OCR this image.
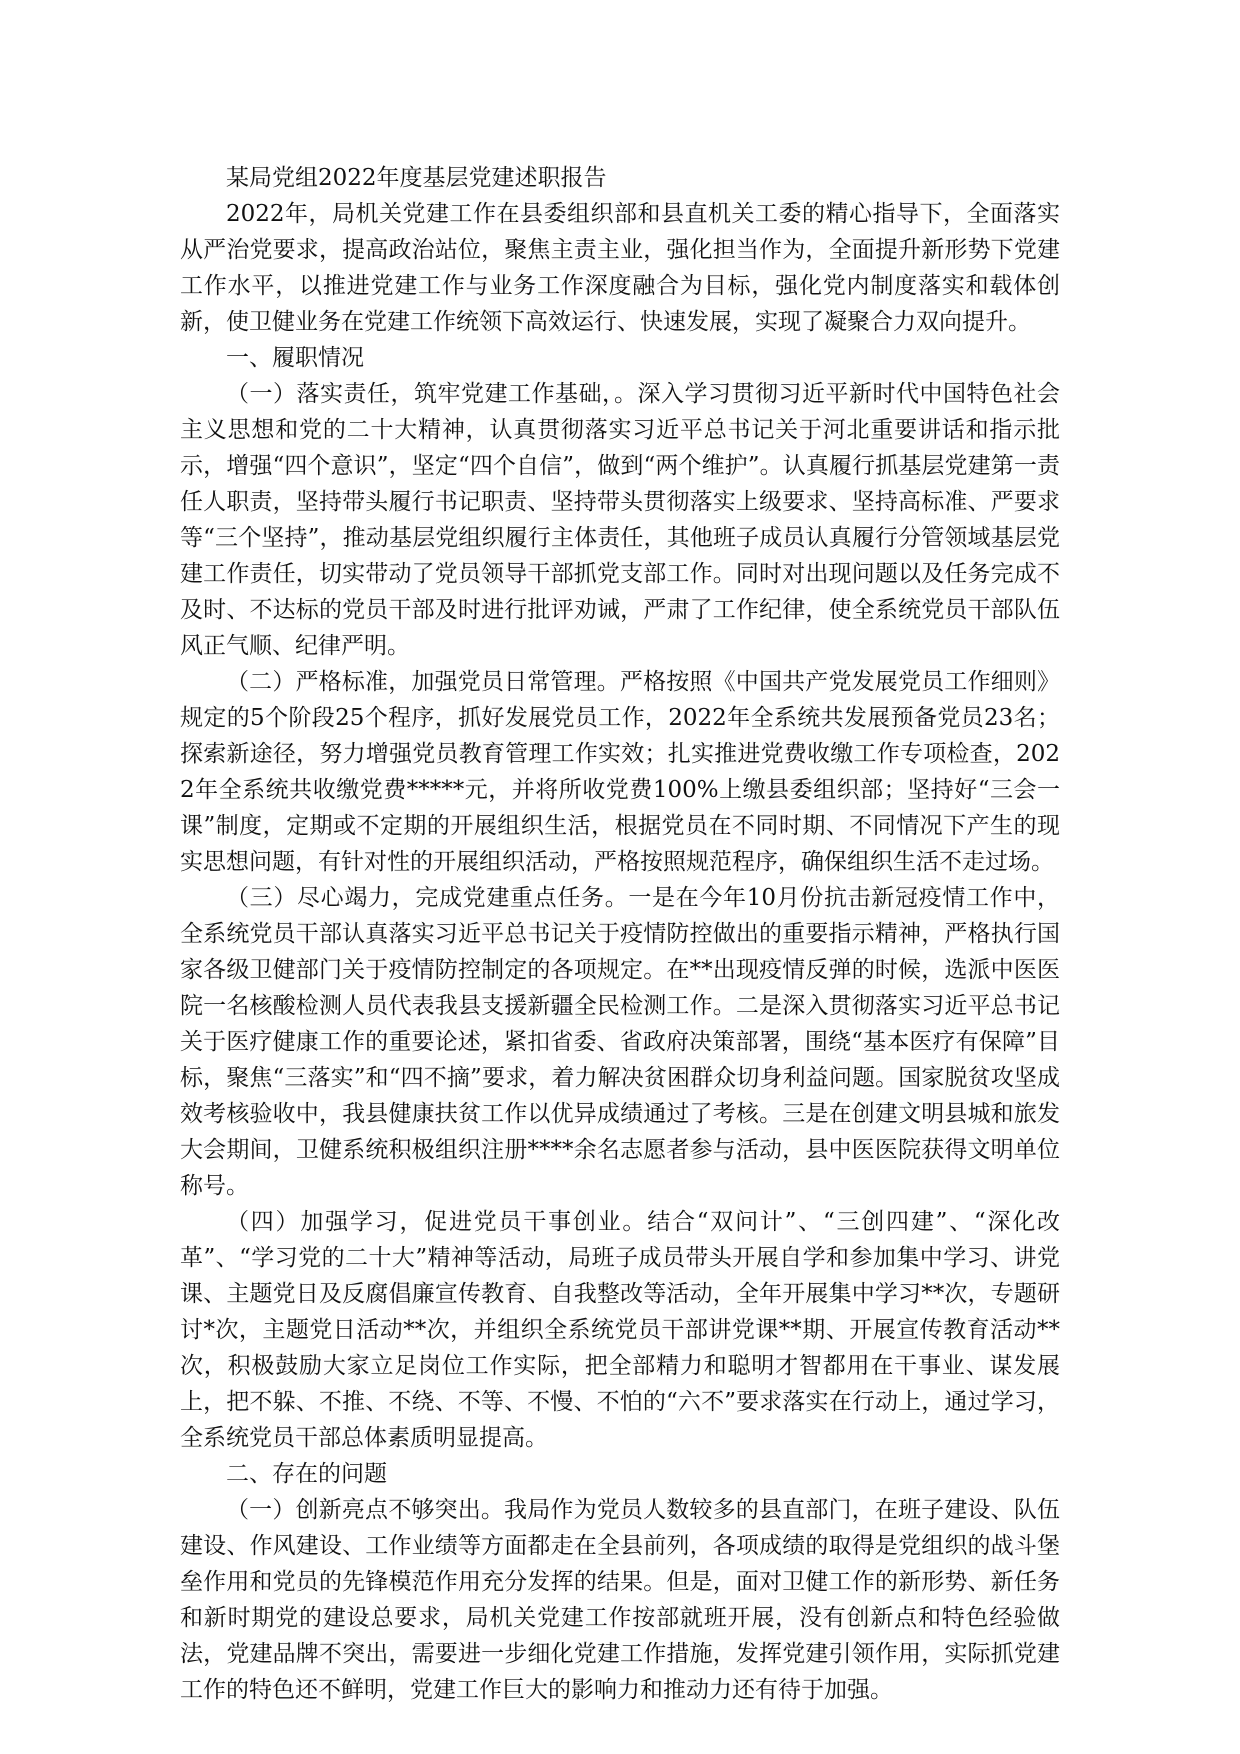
某局党组2022年度基层党建述职报告

2022年，局机关党建工作在县委组织部和县直机关工委的精心指导下，全面落实从严治党要求，提高政治站位，聚焦主责主业，强化担当作为，全面提升新形势下党建工作水平，以推进党建工作与业务工作深度融合为目标，强化党内制度落实和载体创新，使卫健业务在党建工作统领下高效运行、快速发展，实现了凝聚合力双向提升。

一、履职情况

（一）落实责任，筑牢党建工作基础，。深入学习贯彻习近平新时代中国特色社会主义思想和党的二十大精神，认真贯彻落实习近平总书记关于河北重要讲话和指示批示，增强“四个意识”，坚定“四个自信”，做到“两个维护”。认真履行抓基层党建第一责任人职责，坚持带头履行书记职责、坚持带头贯彻落实上级要求、坚持高标准、严要求等“三个坚持”，推动基层党组织履行主体责任，其他班子成员认真履行分管领域基层党建工作责任，切实带动了党员领导干部抓党支部工作。同时对出现问题以及任务完成不及时、不达标的党员干部及时进行批评劝诫，严肃了工作纪律，使全系统党员干部队伍风正气顺、纪律严明。

（二）严格标准，加强党员日常管理。严格按照《中国共产党发展党员工作细则》规定的5个阶段25个程序，抓好发展党员工作，2022年全系统共发展预备党员23名；探索新途径，努力增强党员教育管理工作实效；扎实推进党费收缴工作专项检查，2022年全系统共收缴党费*****元，并将所收党费100%上缴县委组织部；坚持好“三会一课”制度，定期或不定期的开展组织生活，根据党员在不同时期、不同情况下产生的现实思想问题，有针对性的开展组织活动，严格按照规范程序，确保组织生活不走过场。

（三）尽心竭力，完成党建重点任务。一是在今年10月份抗击新冠疫情工作中，全系统党员干部认真落实习近平总书记关于疫情防控做出的重要指示精神，严格执行国家各级卫健部门关于疫情防控制定的各项规定。在**出现疫情反弹的时候，选派中医医院一名核酸检测人员代表我县支援新疆全民检测工作。二是深入贯彻落实习近平总书记关于医疗健康工作的重要论述，紧扣省委、省政府决策部署，围绕“基本医疗有保障”目标，聚焦“三落实”和“四不摘”要求，着力解决贫困群众切身利益问题。国家脱贫攻坚成效考核验收中，我县健康扶贫工作以优异成绩通过了考核。三是在创建文明县城和旅发大会期间，卫健系统积极组织注册****余名志愿者参与活动，县中医医院获得文明单位称号。

（四）加强学习，促进党员干事创业。结合“双问计”、“三创四建”、“深化改革”、“学习党的二十大”精神等活动，局班子成员带头开展自学和参加集中学习、讲党课、主题党日及反腐倡廉宣传教育、自我整改等活动，全年开展集中学习**次，专题研讨*次，主题党日活动**次，并组织全系统党员干部讲党课**期、开展宣传教育活动**次，积极鼓励大家立足岗位工作实际，把全部精力和聪明才智都用在干事业、谋发展上，把不躲、不推、不绕、不等、不慢、不怕的“六不”要求落实在行动上，通过学习，全系统党员干部总体素质明显提高。

二、存在的问题

（一）创新亮点不够突出。我局作为党员人数较多的县直部门，在班子建设、队伍建设、作风建设、工作业绩等方面都走在全县前列，各项成绩的取得是党组织的战斗堡垒作用和党员的先锋模范作用充分发挥的结果。但是，面对卫健工作的新形势、新任务和新时期党的建设总要求，局机关党建工作按部就班开展，没有创新点和特色经验做法，党建品牌不突出，需要进一步细化党建工作措施，发挥党建引领作用，实际抓党建工作的特色还不鲜明，党建工作巨大的影响力和推动力还有待于加强。
